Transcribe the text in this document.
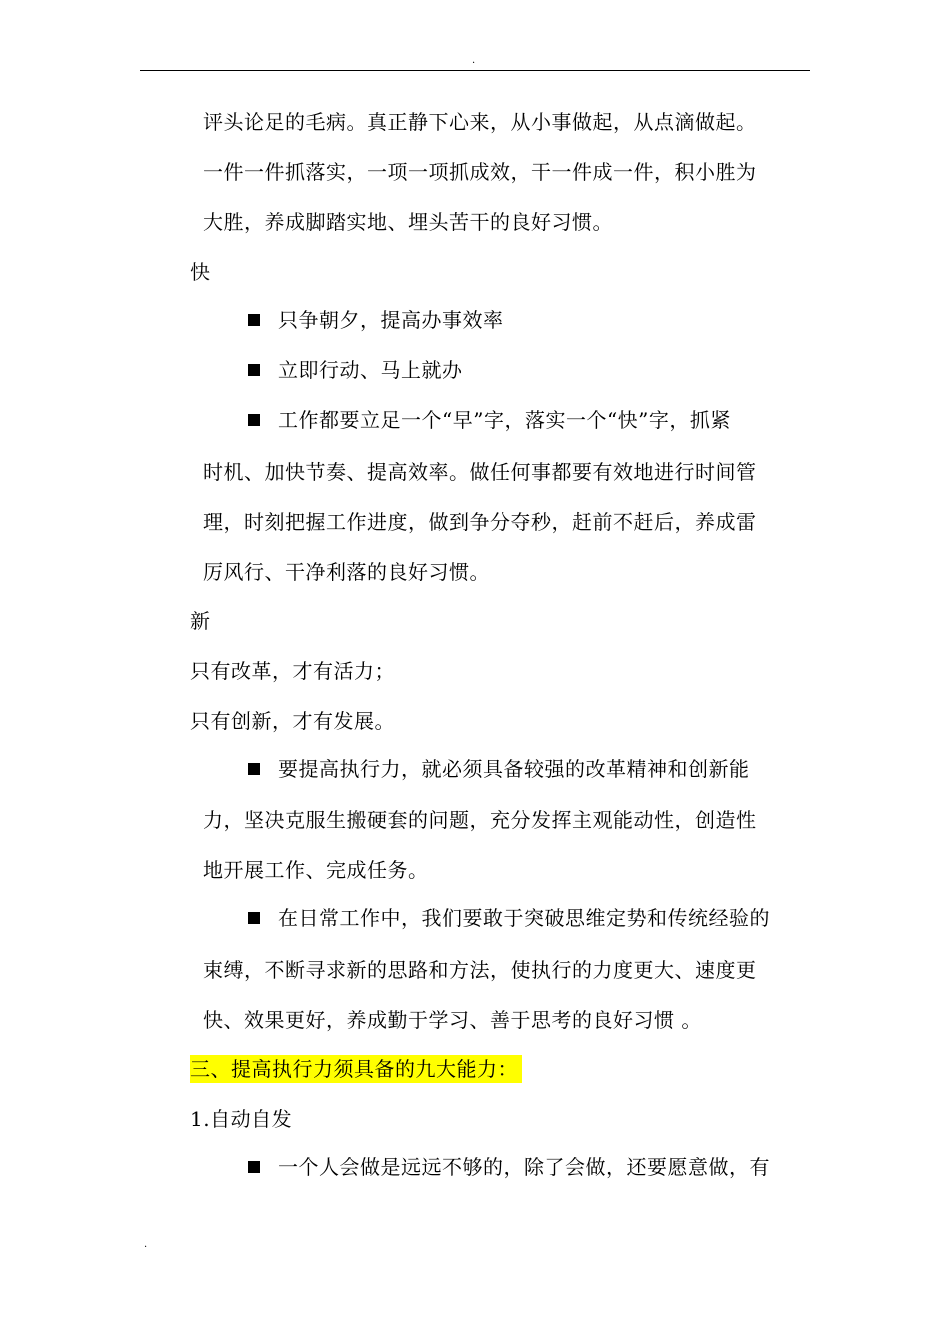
.
评头论足的毛病。真正静下心来，从小事做起，从点滴做起。
一件一件抓落实，一项一项抓成效，干一件成一件，积小胜为
大胜，养成脚踏实地、埋头苦干的良好习惯。
快
只争朝夕，提高办事效率
立即行动、马上就办
工作都要立足一个“早”字，落实一个“快”字，抓紧
时机、加快节奏、提高效率。做任何事都要有效地进行时间管
理，时刻把握工作进度，做到争分夺秒，赶前不赶后，养成雷
厉风行、干净利落的良好习惯。
新
只有改革，才有活力；
只有创新，才有发展。
要提高执行力，就必须具备较强的改革精神和创新能
力，坚决克服生搬硬套的问题，充分发挥主观能动性，创造性
地开展工作、完成任务。
在日常工作中，我们要敢于突破思维定势和传统经验的
束缚，不断寻求新的思路和方法，使执行的力度更大、速度更
快、效果更好，养成勤于学习、善于思考的良好习惯 。
三、提高执行力须具备的九大能力：
1.自动自发
一个人会做是远远不够的，除了会做，还要愿意做，有
.
